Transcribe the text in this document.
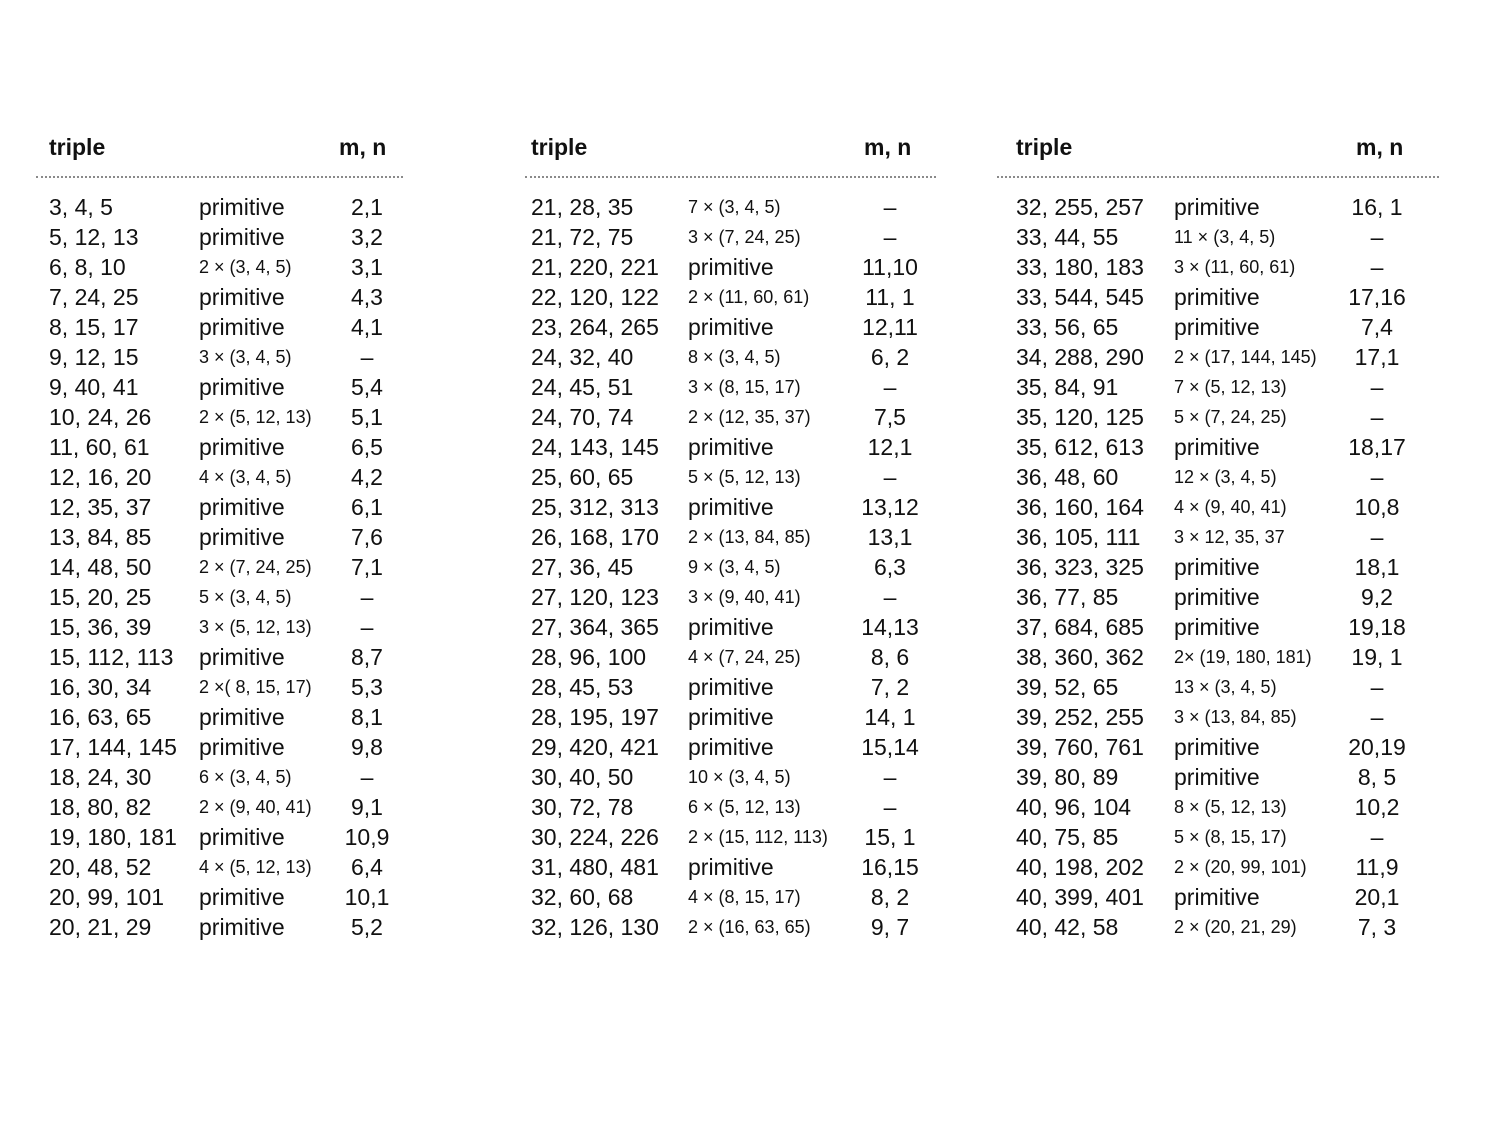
triple	m, n
3, 4, 5	primitive	2,1
5, 12, 13	primitive	3,2
6, 8, 10	2 × (3, 4, 5)	3,1
7, 24, 25	primitive	4,3
8, 15, 17	primitive	4,1
9, 12, 15	3 × (3, 4, 5)	–
9, 40, 41	primitive	5,4
10, 24, 26	2 × (5, 12, 13)	5,1
11, 60, 61 primitive	6,5
12, 16, 20	4 × (3, 4, 5)	4,2
12, 35, 37 primitive	6,1
13, 84, 85 primitive	7,6
14, 48, 50	2 × (7, 24, 25)	7,1
15, 20, 25	5 × (3, 4, 5)	–
15, 36, 39	3 × (5, 12, 13)	–
15, 112, 113 primitive	8,7
16, 30, 34	2 ×( 8, 15, 17)	5,3
16, 63, 65 primitive	8,1
17, 144, 145 primitive	9,8
18, 24, 30	6 × (3, 4, 5)	–
18, 80, 82	2 × (9, 40, 41)	9,1
19, 180, 181 primitive	10,9
20, 48, 52	4 × (5, 12, 13)	6,4
20, 99, 101 primitive	10,1
20, 21, 29 primitive	5,2
triple	m, n
21, 28, 35	7 × (3, 4, 5)	–
21, 72, 75	3 × (7, 24, 25)	–
21, 220, 221 primitive	11,10
22, 120, 122 2 × (11, 60, 61)	11, 1
23, 264, 265 primitive	12,11
24, 32, 40	8 × (3, 4, 5)	6, 2
24, 45, 51	3 × (8, 15, 17)	–
24, 70, 74	2 × (12, 35, 37)	7,5
24, 143, 145 primitive	12,1
25, 60, 65	5 × (5, 12, 13)	–
25, 312, 313 primitive	13,12
26, 168, 170 2 × (13, 84, 85)	13,1
27, 36, 45	9 × (3, 4, 5)	6,3
27, 120, 123 3 × (9, 40, 41)	–
27, 364, 365 primitive	14,13
28, 96, 100 4 × (7, 24, 25)	8, 6
28, 45, 53 primitive	7, 2
28, 195, 197 primitive	14, 1
29, 420, 421 primitive	15,14
30, 40, 50	10 × (3, 4, 5)	–
30, 72, 78	6 × (5, 12, 13)	–
30, 224, 226 2 × (15, 112, 113)	15, 1
31, 480, 481 primitive	16,15
32, 60, 68	4 × (8, 15, 17)	8, 2
32, 126, 130 2 × (16, 63, 65)	9, 7
triple	m, n
32, 255, 257 primitive	16, 1
33, 44, 55	11 × (3, 4, 5)	–
33, 180, 183 3 × (11, 60, 61)	–
33, 544, 545 primitive	17,16
33, 56, 65 primitive	7,4
34, 288, 290 2 × (17, 144, 145)	17,1
35, 84, 91	7 × (5, 12, 13)	–
35, 120, 125 5 × (7, 24, 25)	–
35, 612, 613 primitive	18,17
36, 48, 60	12 × (3, 4, 5)	–
36, 160, 164 4 × (9, 40, 41)	10,8
36, 105, 111 3 × 12, 35, 37	–
36, 323, 325 primitive	18,1
36, 77, 85 primitive	9,2
37, 684, 685 primitive	19,18
38, 360, 362 2× (19, 180, 181)	19, 1
39, 52, 65	13 × (3, 4, 5)	–
39, 252, 255 3 × (13, 84, 85)	–
39, 760, 761 primitive	20,19
39, 80, 89 primitive	8, 5
40, 96, 104 8 × (5, 12, 13)	10,2
40, 75, 85	5 × (8, 15, 17)	–
40, 198, 202 2 × (20, 99, 101)	11,9
40, 399, 401 primitive	20,1
40, 42, 58	2 × (20, 21, 29)	7, 3
